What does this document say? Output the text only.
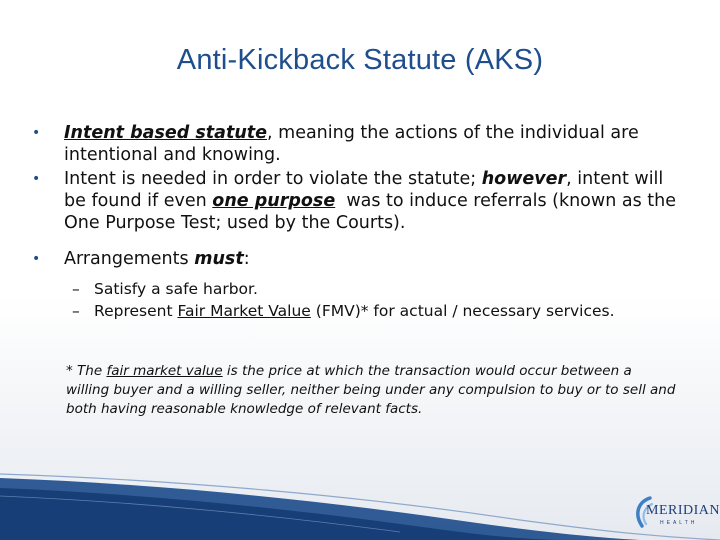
Anti-Kickback Statute (AKS)
• Intent based statute, meaning the actions of the individual are intentional and knowing.
• Intent is needed in order to violate the statute; however, intent will be found if even one purpose  was to induce referrals (known as the One Purpose Test; used by the Courts).
• Arrangements must:
– Satisfy a safe harbor.
– Represent Fair Market Value (FMV)* for actual / necessary services.
* The fair market value is the price at which the transaction would occur between a willing buyer and a willing seller, neither being under any compulsion to buy or to sell and both having reasonable knowledge of relevant facts.
MERIDIAN
HEALTH
